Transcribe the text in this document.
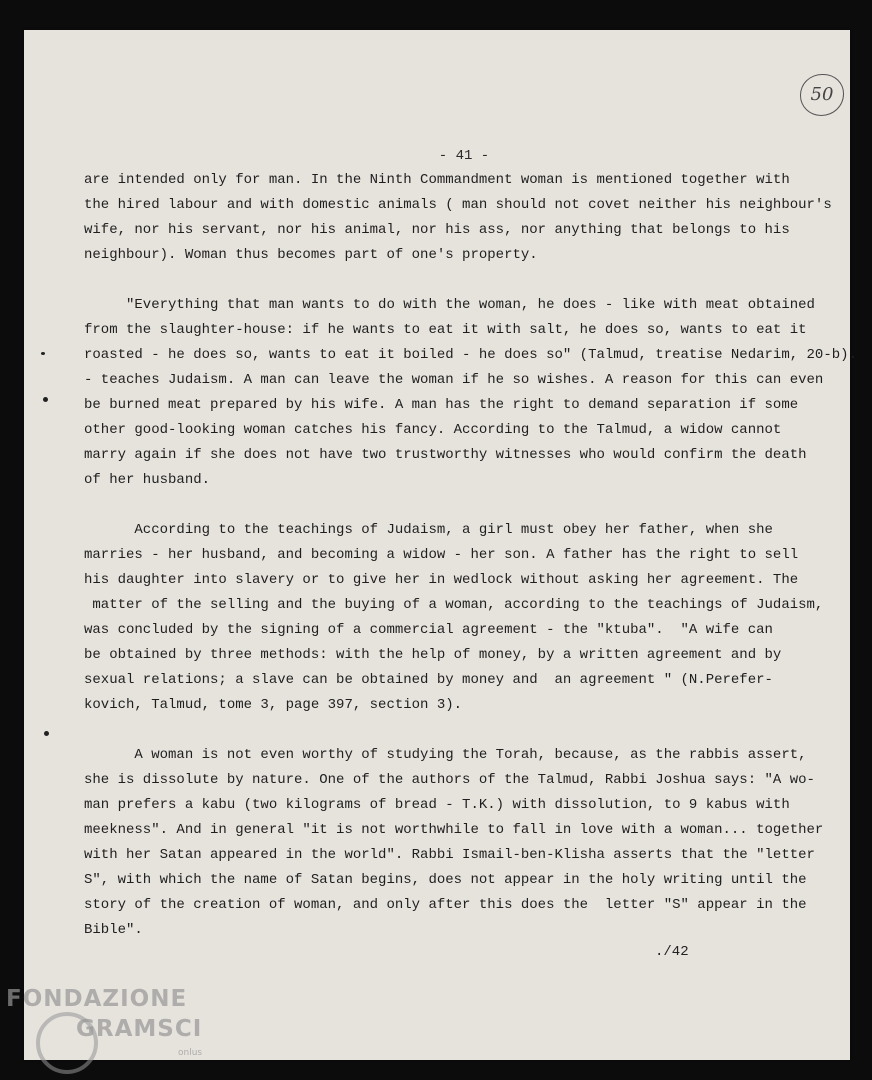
50
- 41 -

are intended only for man. In the Ninth Commandment woman is mentioned together with
the hired labour and with domestic animals ( man should not covet neither his neighbour's
wife, nor his servant, nor his animal, nor his ass, nor anything that belongs to his
neighbour). Woman thus becomes part of one's property.

"Everything that man wants to do with the woman, he does - like with meat obtained
from the slaughter-house: if he wants to eat it with salt, he does so, wants to eat it
roasted - he does so, wants to eat it boiled - he does so" (Talmud, treatise Nedarim, 20-b).
- teaches Judaism. A man can leave the woman if he so wishes. A reason for this can even
be burned meat prepared by his wife. A man has the right to demand separation if some
other good-looking woman catches his fancy. According to the Talmud, a widow cannot
marry again if she does not have two trustworthy witnesses who would confirm the death
of her husband.

According to the teachings of Judaism, a girl must obey her father, when she
marries - her husband, and becoming a widow - her son. A father has the right to sell
his daughter into slavery or to give her in wedlock without asking her agreement. The
matter of the selling and the buying of a woman, according to the teachings of Judaism,
was concluded by the signing of a commercial agreement - the "ktuba".  "A wife can
be obtained by three methods: with the help of money, by a written agreement and by
sexual relations; a slave can be obtained by money and  an agreement " (N.Perefer-
kovich, Talmud, tome 3, page 397, section 3).

A woman is not even worthy of studying the Torah, because, as the rabbis assert,
she is dissolute by nature. One of the authors of the Talmud, Rabbi Joshua says: "A wo-
man prefers a kabu (two kilograms of bread - T.K.) with dissolution, to 9 kabus with
meekness". And in general "it is not worthwhile to fall in love with a woman... together
with her Satan appeared in the world". Rabbi Ismail-ben-Klisha asserts that the "letter
S", with which the name of Satan begins, does not appear in the holy writing until the
story of the creation of woman, and only after this does the  letter "S" appear in the
Bible".

./42
FONDAZIONE
GRAMSCI
onlus
